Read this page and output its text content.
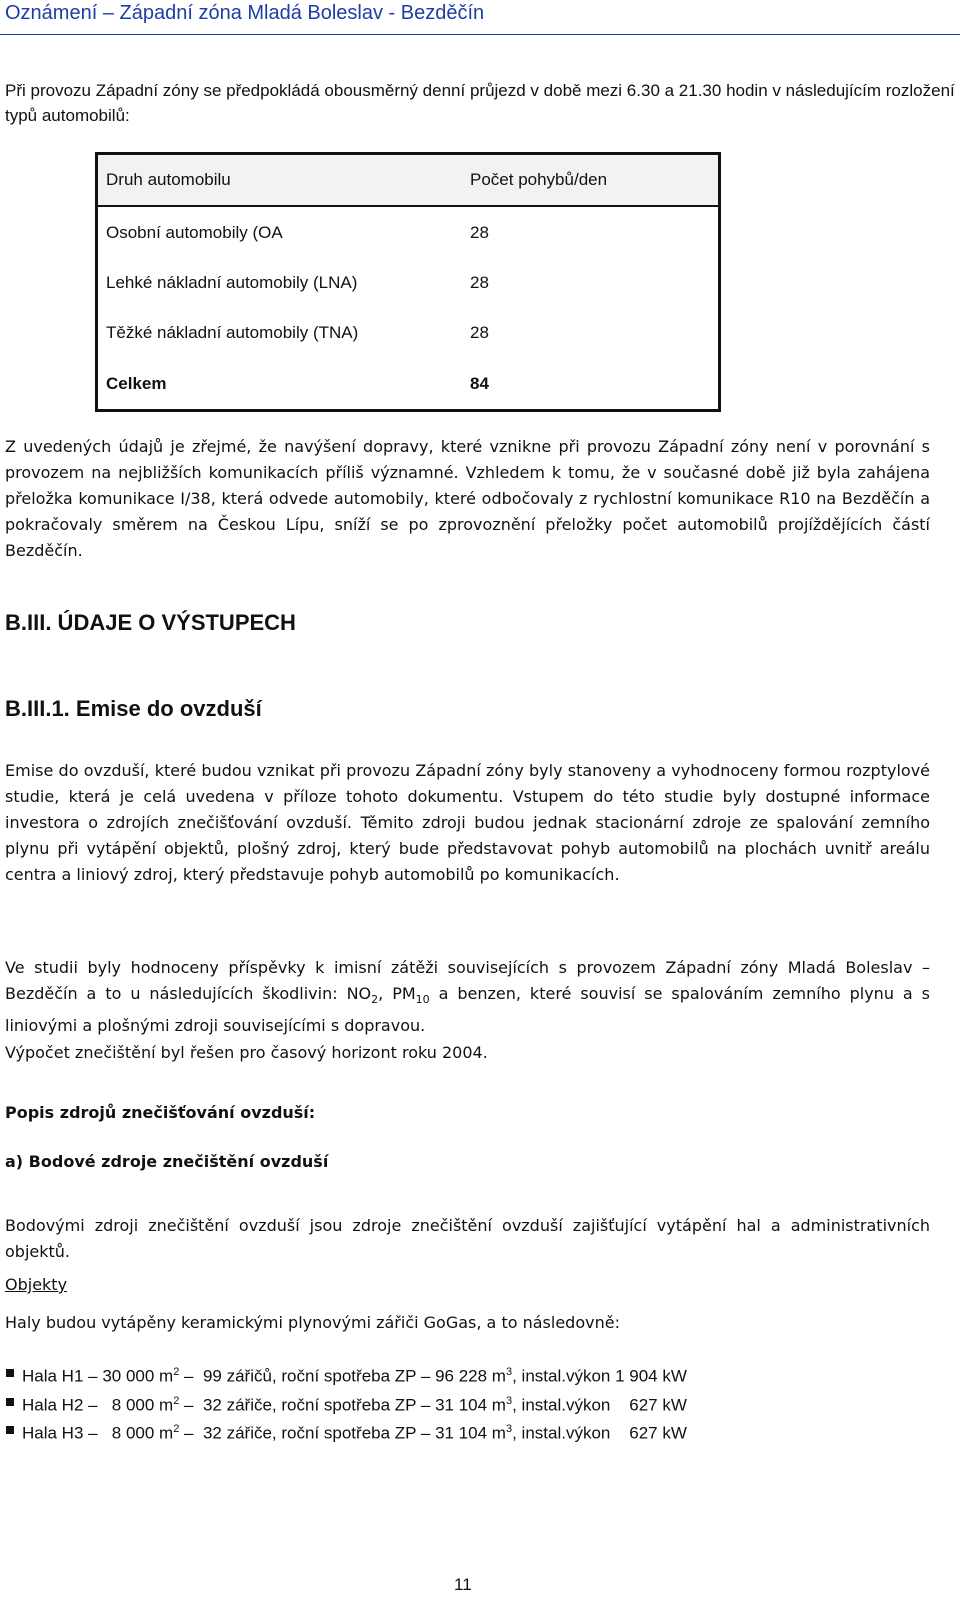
Oznámení – Západní zóna Mladá Boleslav - Bezděčín
Při provozu Západní zóny se předpokládá obousměrný denní průjezd v době mezi 6.30 a 21.30 hodin v následujícím rozložení typů automobilů:
Druh automobilu	Počet pohybů/den
Osobní automobily (OA	28
Lehké nákladní automobily (LNA)	28
Těžké nákladní automobily (TNA)	28
Celkem	84

Z uvedených údajů je zřejmé, že navýšení dopravy, které vznikne při provozu Západní zóny není v porovnání s provozem na nejbližších komunikacích příliš významné. Vzhledem k tomu, že v současné době již byla zahájena přeložka komunikace I/38, která odvede automobily, které odbočovaly z rychlostní komunikace R10 na Bezděčín a pokračovaly směrem na Českou Lípu, sníží se po zprovoznění přeložky počet automobilů projíždějících částí Bezděčín.

B.III. ÚDAJE O VÝSTUPECH
B.III.1. Emise do ovzduší

Emise do ovzduší, které budou vznikat při provozu Západní zóny byly stanoveny a vyhodnoceny formou rozptylové studie, která je celá uvedena v příloze tohoto dokumentu. Vstupem do této studie byly dostupné informace investora o zdrojích znečišťování ovzduší. Těmito zdroji budou jednak stacionární zdroje ze spalování zemního plynu při vytápění objektů, plošný zdroj, který bude představovat pohyb automobilů na plochách uvnitř areálu centra a liniový zdroj, který představuje pohyb automobilů po komunikacích.

Ve studii byly hodnoceny příspěvky k imisní zátěži souvisejících s provozem Západní zóny Mladá Boleslav – Bezděčín a to u následujících škodlivin: $NO_2$, $PM_{10}$ a benzen, které souvisí se spalováním zemního plynu a s liniovými a plošnými zdroji souvisejícími s dopravou.

Výpočet znečištění byl řešen pro časový horizont roku 2004.

Popis zdrojů znečišťování ovzduší:
a) Bodové zdroje znečištění ovzduší

Bodovými zdroji znečištění ovzduší jsou zdroje znečištění ovzduší zajišťující vytápění hal a administrativních objektů.

Objekty

Haly budou vytápěny keramickými plynovými zářiči GoGas, a to následovně:

Hala H1 – 30 000 $m^2 - 99$ zářičů, roční spotřeba ZP – 96 228 $m^3$, instal.výkon 1 904 kW
Hala H2 –   8 000 $m^2 - 32$ zářiče, roční spotřeba ZP – 31 104 $m^3$, instal.výkon    627 kW
Hala H3 –   8 000 $m^2 - 32$ zářiče, roční spotřeba ZP – 31 104 $m^3$, instal.výkon    627 kW
11
